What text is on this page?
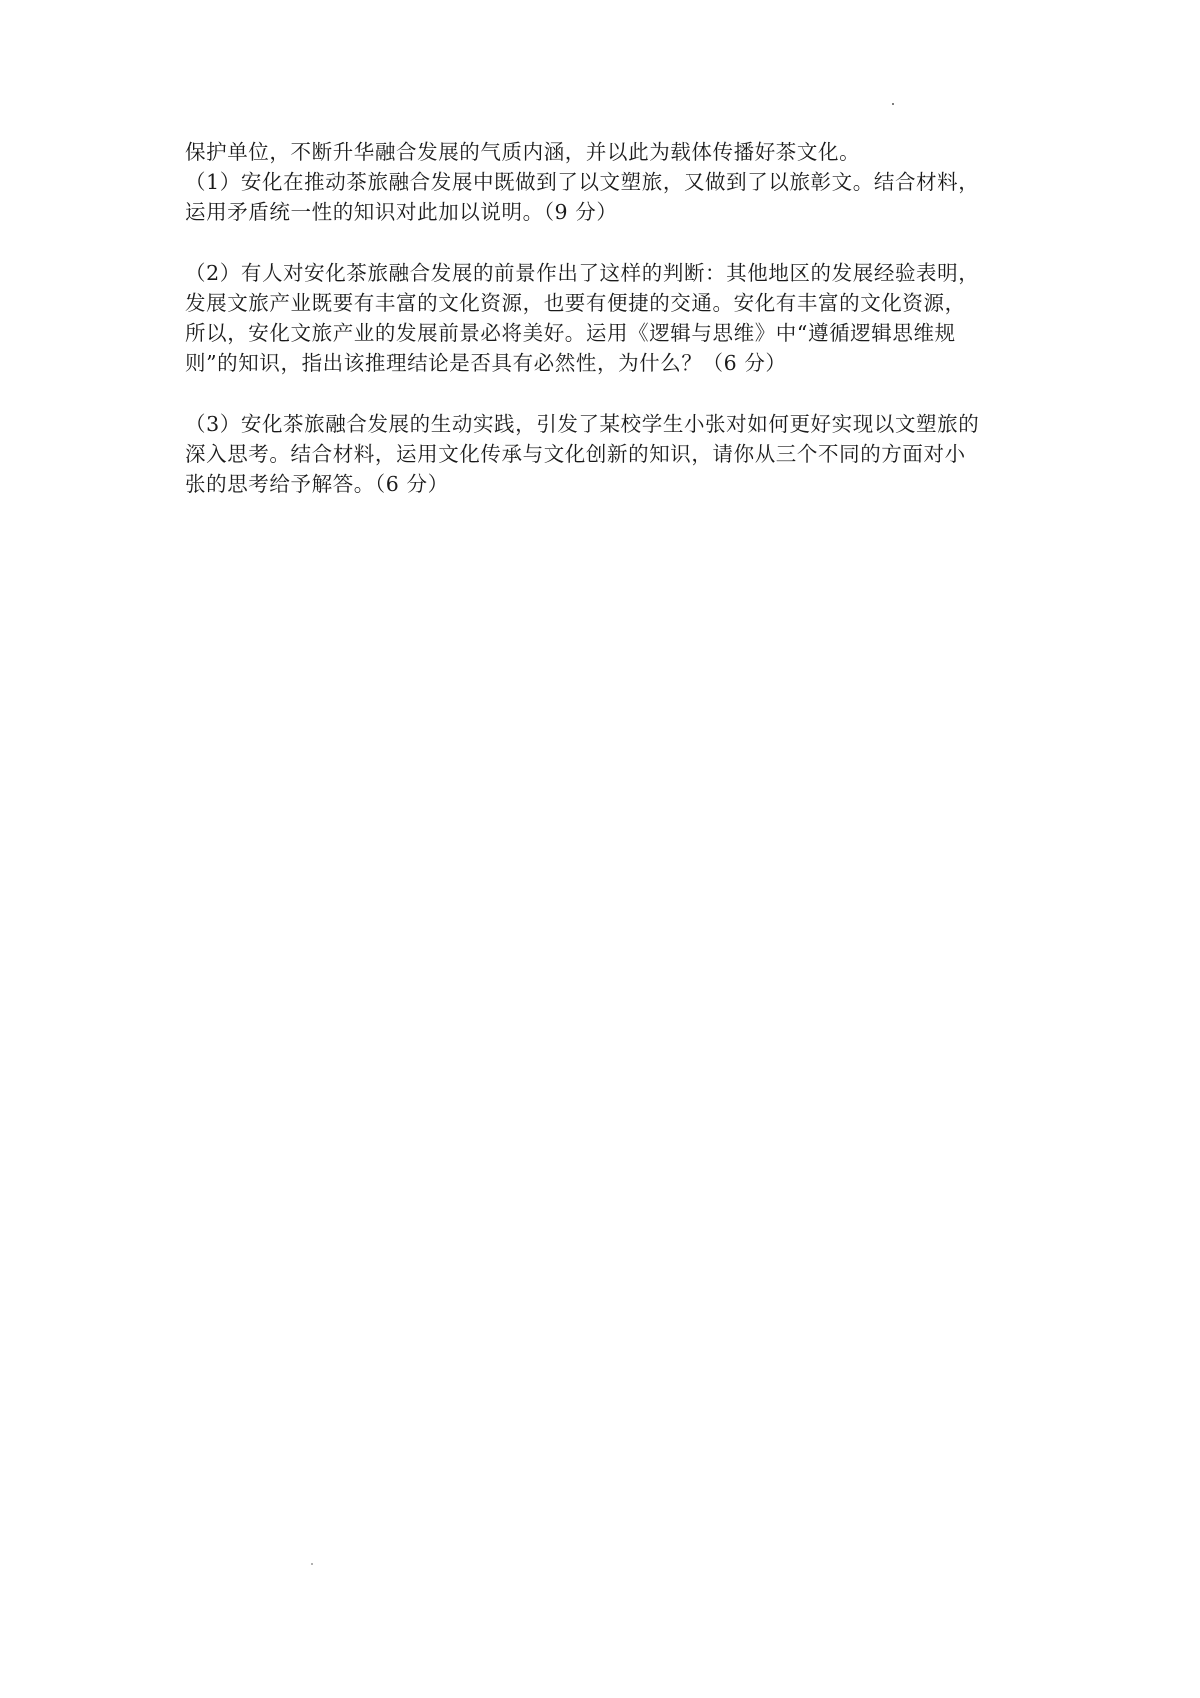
保护单位，不断升华融合发展的气质内涵，并以此为载体传播好茶文化。
（1）安化在推动茶旅融合发展中既做到了以文塑旅，又做到了以旅彰文。结合材料，
运用矛盾统一性的知识对此加以说明。（9 分）
（2）有人对安化茶旅融合发展的前景作出了这样的判断：其他地区的发展经验表明，
发展文旅产业既要有丰富的文化资源，也要有便捷的交通。安化有丰富的文化资源，
所以，安化文旅产业的发展前景必将美好。运用《逻辑与思维》中“遵循逻辑思维规
则”的知识，指出该推理结论是否具有必然性，为什么？（6 分）
（3）安化茶旅融合发展的生动实践，引发了某校学生小张对如何更好实现以文塑旅的
深入思考。结合材料，运用文化传承与文化创新的知识，请你从三个不同的方面对小
张的思考给予解答。（6 分）
